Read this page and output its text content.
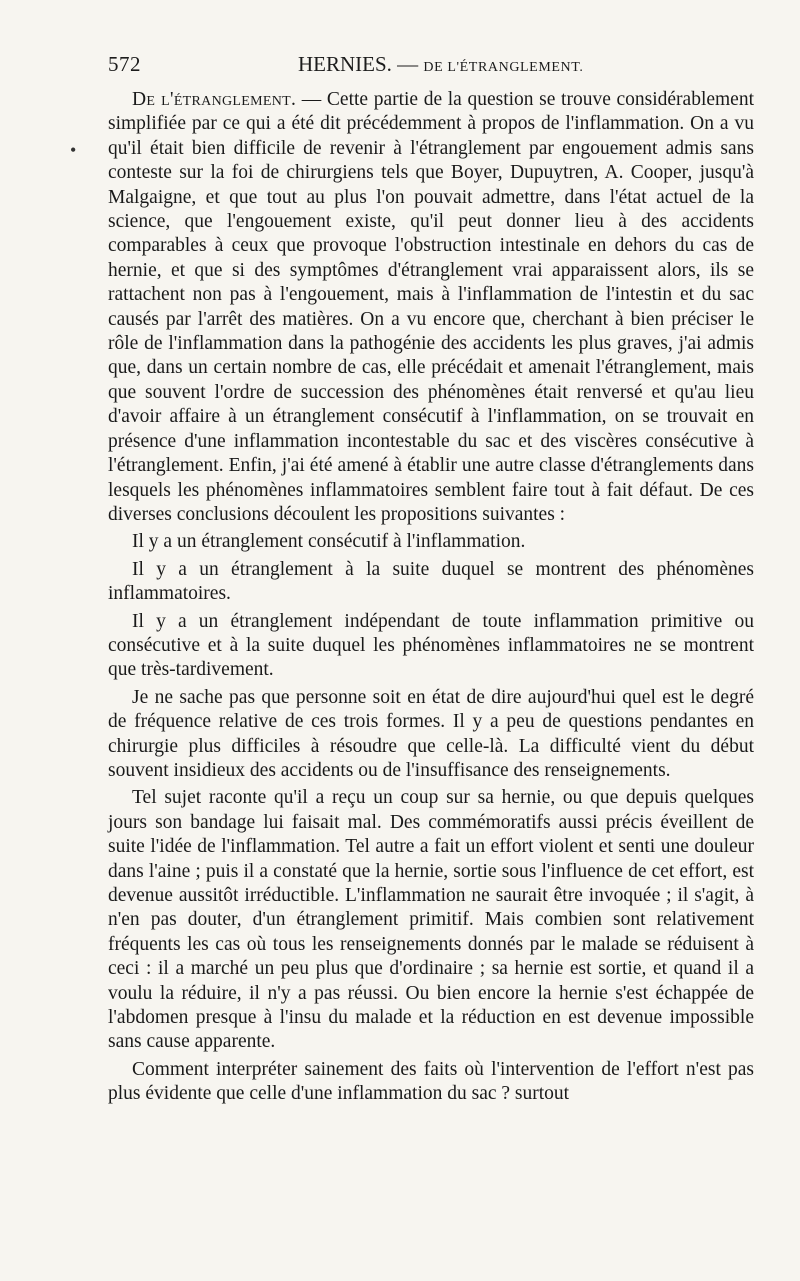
572	HERNIES. — DE L'ÉTRANGLEMENT.
•

De l'étranglement. — Cette partie de la question se trouve considérablement simplifiée par ce qui a été dit précédemment à propos de l'inflammation. On a vu qu'il était bien difficile de revenir à l'étranglement par engouement admis sans conteste sur la foi de chirurgiens tels que Boyer, Dupuytren, A. Cooper, jusqu'à Malgaigne, et que tout au plus l'on pouvait admettre, dans l'état actuel de la science, que l'engouement existe, qu'il peut donner lieu à des accidents comparables à ceux que provoque l'obstruction intestinale en dehors du cas de hernie, et que si des symptômes d'étranglement vrai apparaissent alors, ils se rattachent non pas à l'engouement, mais à l'inflammation de l'intestin et du sac causés par l'arrêt des matières. On a vu encore que, cherchant à bien préciser le rôle de l'inflammation dans la pathogénie des accidents les plus graves, j'ai admis que, dans un certain nombre de cas, elle précédait et amenait l'étranglement, mais que souvent l'ordre de succession des phénomènes était renversé et qu'au lieu d'avoir affaire à un étranglement consécutif à l'inflammation, on se trouvait en présence d'une inflammation incontestable du sac et des viscères consécutive à l'étranglement. Enfin, j'ai été amené à établir une autre classe d'étranglements dans lesquels les phénomènes inflammatoires semblent faire tout à fait défaut. De ces diverses conclusions découlent les propositions suivantes :

Il y a un étranglement consécutif à l'inflammation.

Il y a un étranglement à la suite duquel se montrent des phénomènes inflammatoires.

Il y a un étranglement indépendant de toute inflammation primitive ou consécutive et à la suite duquel les phénomènes inflammatoires ne se montrent que très-tardivement.

Je ne sache pas que personne soit en état de dire aujourd'hui quel est le degré de fréquence relative de ces trois formes. Il y a peu de questions pendantes en chirurgie plus difficiles à résoudre que celle-là. La difficulté vient du début souvent insidieux des accidents ou de l'insuffisance des renseignements.

Tel sujet raconte qu'il a reçu un coup sur sa hernie, ou que depuis quelques jours son bandage lui faisait mal. Des commémoratifs aussi précis éveillent de suite l'idée de l'inflammation. Tel autre a fait un effort violent et senti une douleur dans l'aine ; puis il a constaté que la hernie, sortie sous l'influence de cet effort, est devenue aussitôt irréductible. L'inflammation ne saurait être invoquée ; il s'agit, à n'en pas douter, d'un étranglement primitif. Mais combien sont relativement fréquents les cas où tous les renseignements donnés par le malade se réduisent à ceci : il a marché un peu plus que d'ordinaire ; sa hernie est sortie, et quand il a voulu la réduire, il n'y a pas réussi. Ou bien encore la hernie s'est échappée de l'abdomen presque à l'insu du malade et la réduction en est devenue impossible sans cause apparente.

Comment interpréter sainement des faits où l'intervention de l'effort n'est pas plus évidente que celle d'une inflammation du sac ? surtout
